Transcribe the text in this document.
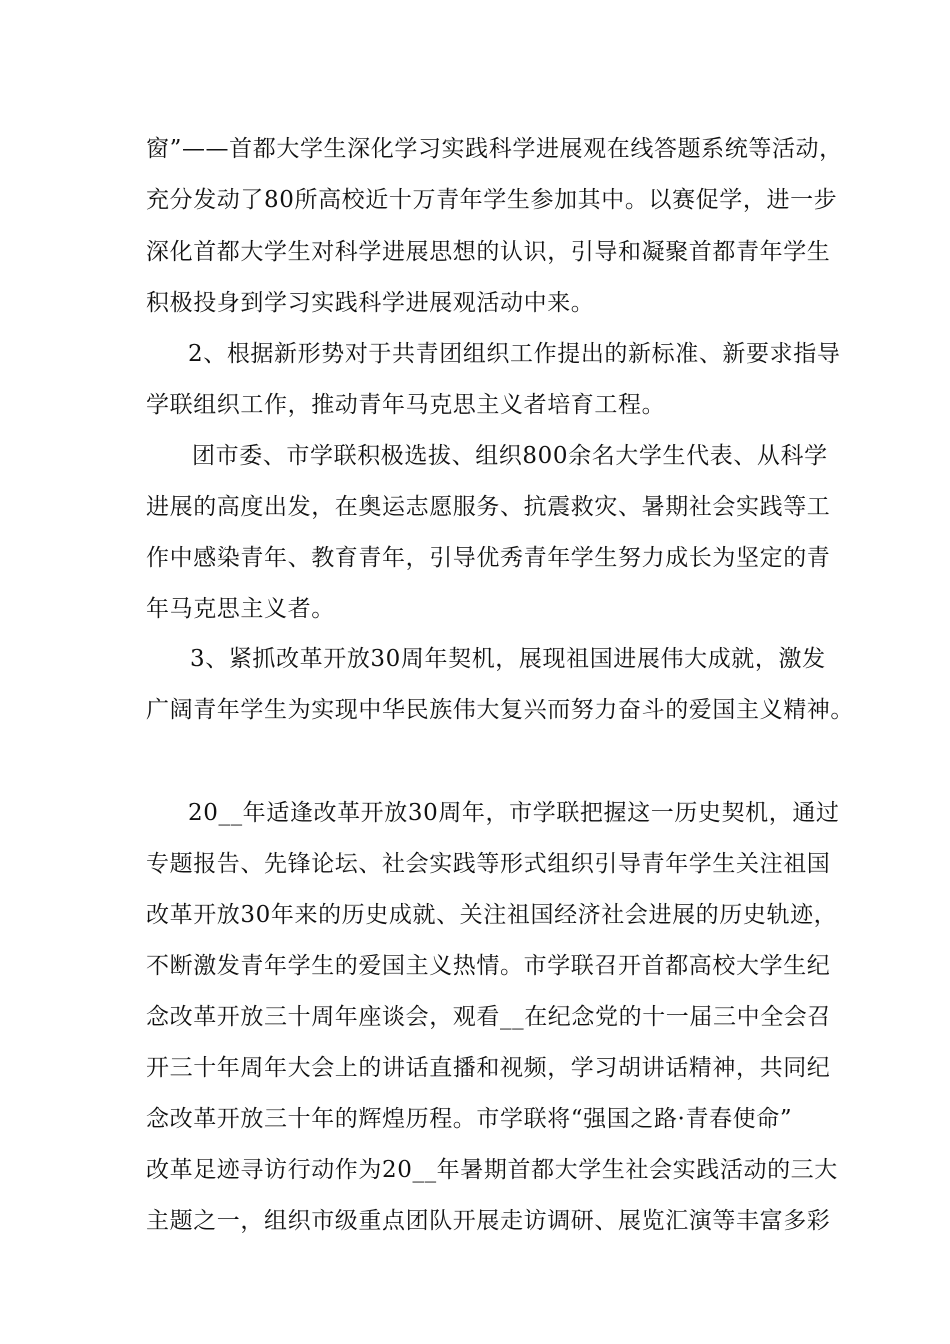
窗”——首都大学生深化学习实践科学进展观在线答题系统等活动，
充分发动了80所高校近十万青年学生参加其中。以赛促学，进一步
深化首都大学生对科学进展思想的认识，引导和凝聚首都青年学生
积极投身到学习实践科学进展观活动中来。
2、根据新形势对于共青团组织工作提出的新标准、新要求指导
学联组织工作，推动青年马克思主义者培育工程。
团市委、市学联积极选拔、组织800余名大学生代表、从科学
进展的高度出发，在奥运志愿服务、抗震救灾、暑期社会实践等工
作中感染青年、教育青年，引导优秀青年学生努力成长为坚定的青
年马克思主义者。
3、紧抓改革开放30周年契机，展现祖国进展伟大成就，激发
广阔青年学生为实现中华民族伟大复兴而努力奋斗的爱国主义精神。
20__年适逢改革开放30周年，市学联把握这一历史契机，通过
专题报告、先锋论坛、社会实践等形式组织引导青年学生关注祖国
改革开放30年来的历史成就、关注祖国经济社会进展的历史轨迹，
不断激发青年学生的爱国主义热情。市学联召开首都高校大学生纪
念改革开放三十周年座谈会，观看__在纪念党的十一届三中全会召
开三十年周年大会上的讲话直播和视频，学习胡讲话精神，共同纪
念改革开放三十年的辉煌历程。市学联将“强国之路·青春使命”
改革足迹寻访行动作为20__年暑期首都大学生社会实践活动的三大
主题之一，组织市级重点团队开展走访调研、展览汇演等丰富多彩
